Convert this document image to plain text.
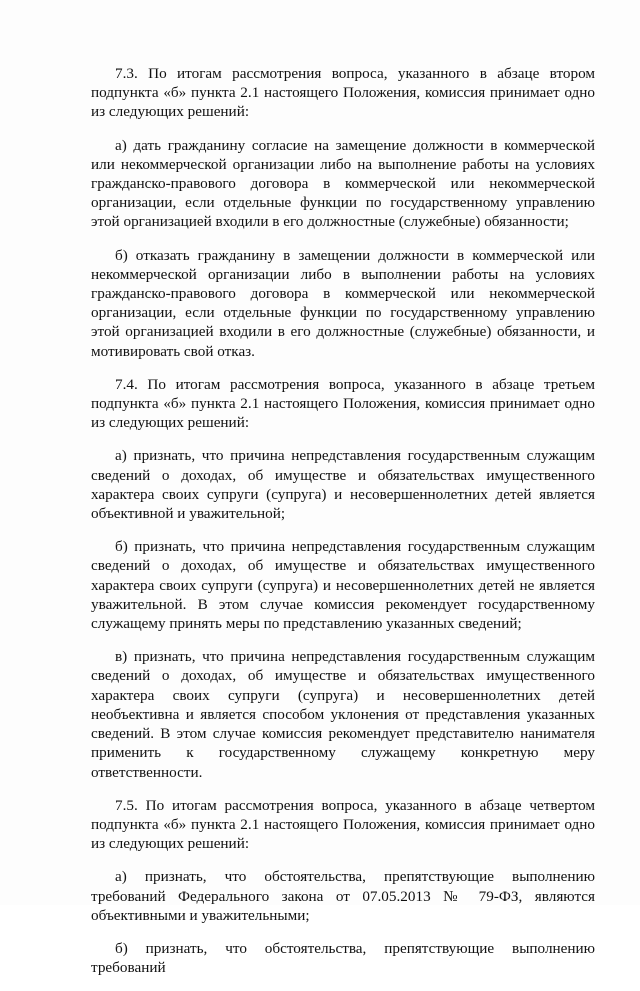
7.3. По итогам рассмотрения вопроса, указанного в абзаце втором подпункта «б» пункта 2.1 настоящего Положения, комиссия принимает одно из следующих решений:

а) дать гражданину согласие на замещение должности в коммерческой или некоммерческой организации либо на выполнение работы на условиях гражданско-правового договора в коммерческой или некоммерческой организации, если отдельные функции по государственному управлению этой организацией входили в его должностные (служебные) обязанности;

б) отказать гражданину в замещении должности в коммерческой или некоммерческой организации либо в выполнении работы на условиях гражданско-правового договора в коммерческой или некоммерческой организации, если отдельные функции по государственному управлению этой организацией входили в его должностные (служебные) обязанности, и мотивировать свой отказ.

7.4. По итогам рассмотрения вопроса, указанного в абзаце третьем подпункта «б» пункта 2.1 настоящего Положения, комиссия принимает одно из следующих решений:

а) признать, что причина непредставления государственным служащим сведений о доходах, об имуществе и обязательствах имущественного характера своих супруги (супруга) и несовершеннолетних детей является объективной и уважительной;

б) признать, что причина непредставления государственным служащим сведений о доходах, об имуществе и обязательствах имущественного характера своих супруги (супруга) и несовершеннолетних детей не является уважительной. В этом случае комиссия рекомендует государственному служащему принять меры по представлению указанных сведений;

в) признать, что причина непредставления государственным служащим сведений о доходах, об имуществе и обязательствах имущественного характера своих супруги (супруга) и несовершеннолетних детей необъективна и является способом уклонения от представления указанных сведений. В этом случае комиссия рекомендует представителю нанимателя применить к государственному служащему конкретную меру ответственности.

7.5. По итогам рассмотрения вопроса, указанного в абзаце четвертом подпункта «б» пункта 2.1 настоящего Положения, комиссия принимает одно из следующих решений:

а) признать, что обстоятельства, препятствующие выполнению требований Федерального закона от 07.05.2013 № 79-ФЗ, являются объективными и уважительными;

б) признать, что обстоятельства, препятствующие выполнению требований
